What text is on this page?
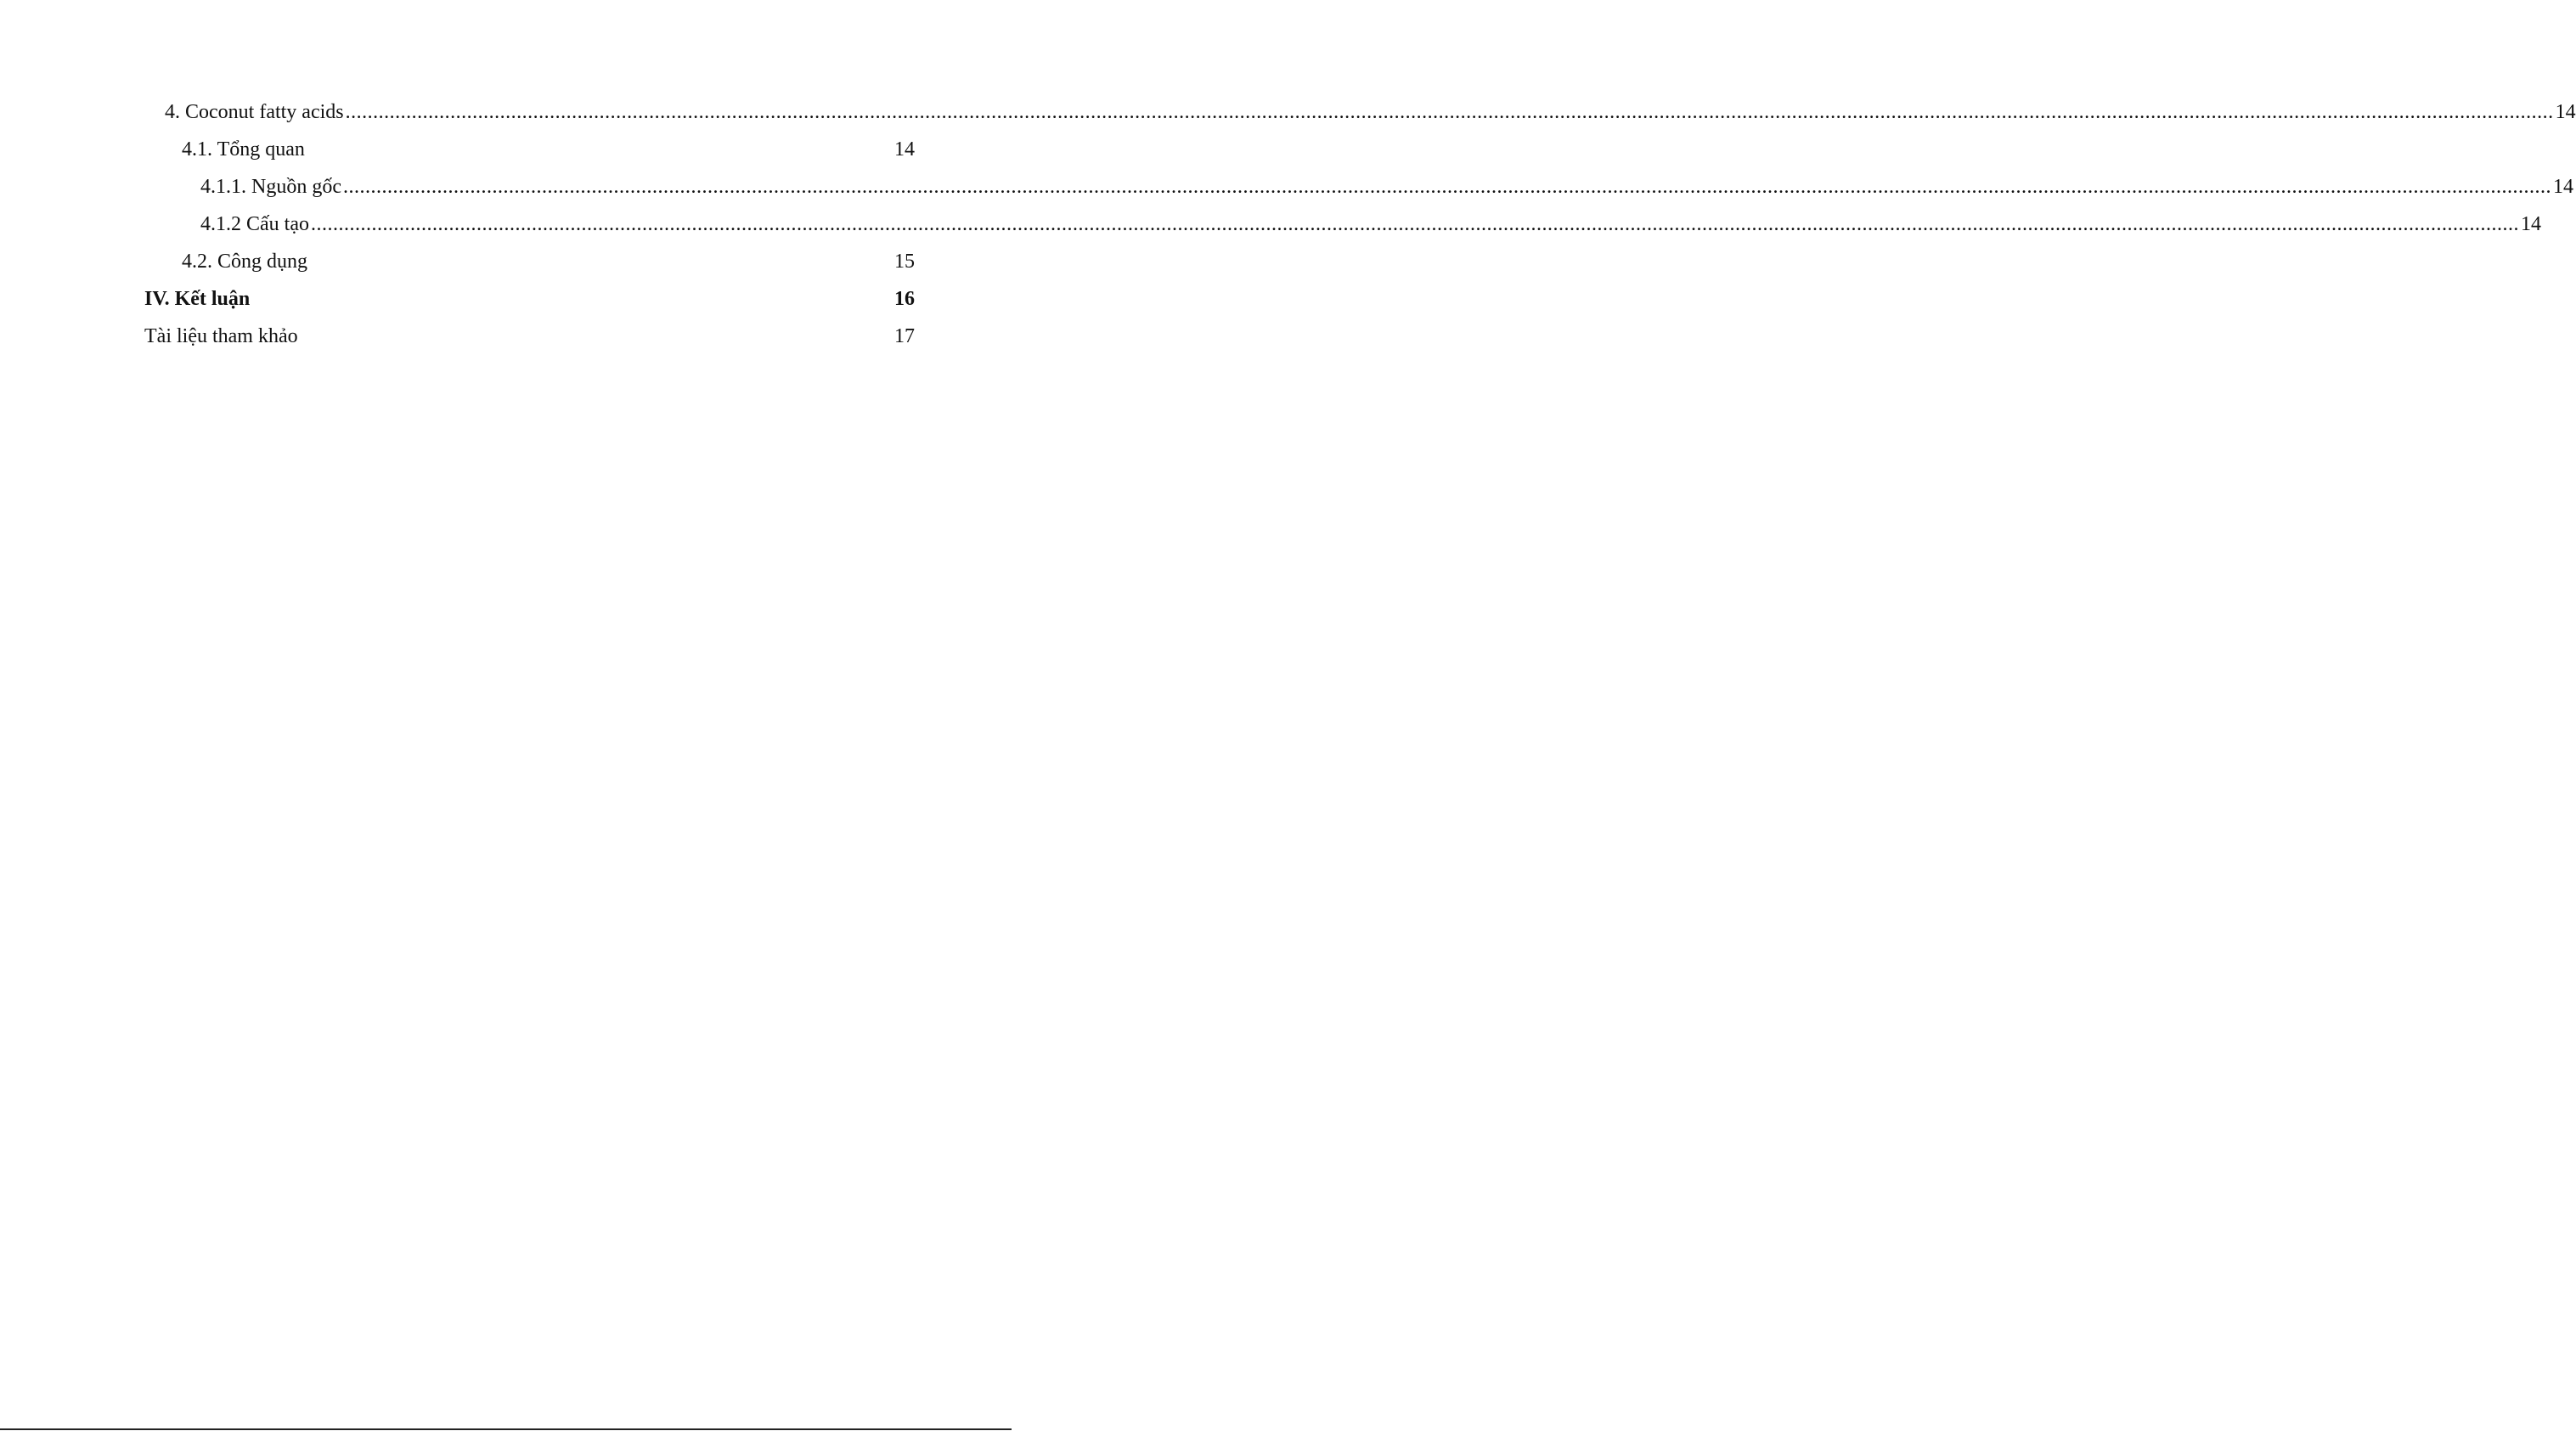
4. Coconut fatty acids ................................................................................................................................................................................................................................................................................................................................................................................................................ 14
4.1. Tổng quan	14
4.1.1. Nguồn gốc ................................................................................................................................................................................................................................................................................................................................................................................................................ 14
4.1.2 Cấu tạo ................................................................................................................................................................................................................................................................................................................................................................................................................ 14
4.2. Công dụng	15
IV. Kết luận	16
Tài liệu tham khảo	17
